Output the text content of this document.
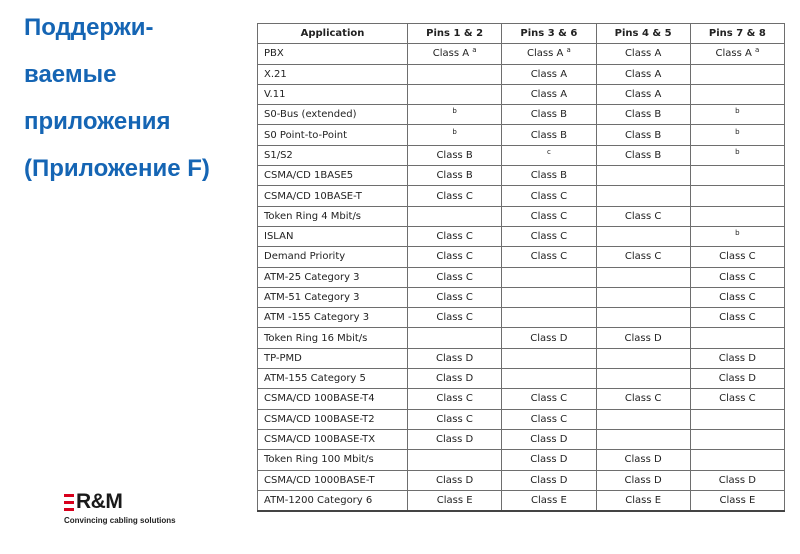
Поддержи-
ваемые
приложения
(Приложение F)
Application	Pins 1 & 2	Pins 3 & 6	Pins 4 & 5	Pins 7 & 8
PBX	Class A $^a$	Class A $^a$	Class A	Class A $^a$
X.21		Class A	Class A	
V.11		Class A	Class A	
S0-Bus (extended)	$^b$	Class B	Class B	$^b$
S0 Point-to-Point	$^b$	Class B	Class B	$^b$
S1/S2	Class B	$^c$	Class B	$^b$
CSMA/CD 1BASE5	Class B	Class B		
CSMA/CD 10BASE-T	Class C	Class C		
Token Ring 4 Mbit/s		Class C	Class C	
ISLAN	Class C	Class C		$^b$
Demand Priority	Class C	Class C	Class C	Class C
ATM-25 Category 3	Class C			Class C
ATM-51 Category 3	Class C			Class C
ATM -155 Category 3	Class C			Class C
Token Ring 16 Mbit/s		Class D	Class D	
TP-PMD	Class D			Class D
ATM-155 Category 5	Class D			Class D
CSMA/CD 100BASE-T4	Class C	Class C	Class C	Class C
CSMA/CD 100BASE-T2	Class C	Class C		
CSMA/CD 100BASE-TX	Class D	Class D		
Token Ring 100 Mbit/s		Class D	Class D	
CSMA/CD 1000BASE-T	Class D	Class D	Class D	Class D
ATM-1200 Category 6	Class E	Class E	Class E	Class E
R&M
Convincing cabling solutions
